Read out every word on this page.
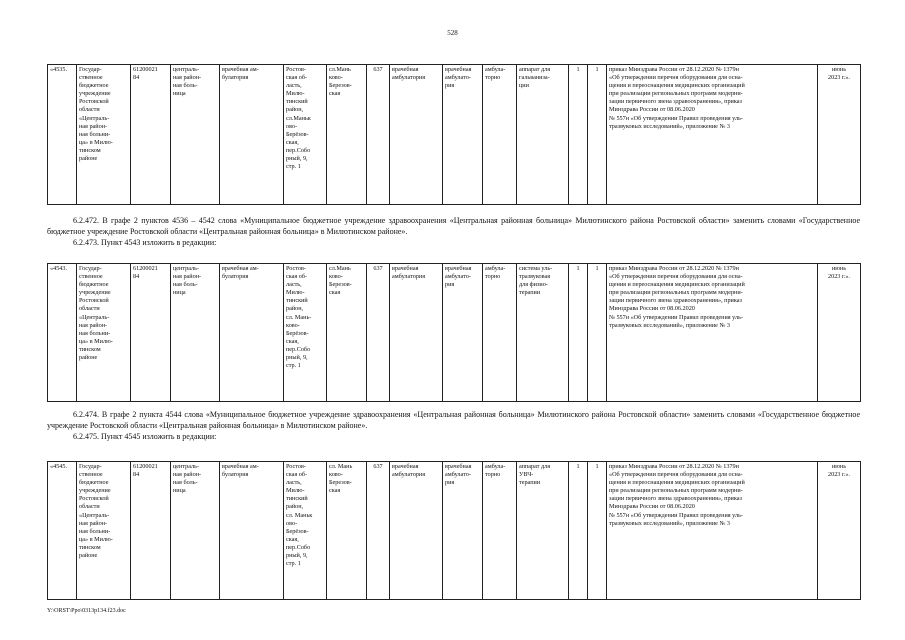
528
«4535.	Государ-
ственное
бюджетное
учреждение
Ростовской
области
«Централь-
ная район-
ная больни-
ца» в Милю-
тинском
районе	61200021
84	централь-
ная район-
ная боль-
ница	врачебная ам-
булатория	Ростов-
ская об-
ласть,
Милю-
тинский
район,
сл.Маньк
ово-
Берёзов-
ская,
пер.Собо
рный, 9,
стр. 1	сл.Мань
ково-
Березов-
ская	637	врачебная
амбулатория	врачебная
амбулато-
рия	амбула-
торно	аппарат для
гальваниза-
ции	1	1	приказ Минздрава России от 28.12.2020 № 1379н
«Об утверждении перечня оборудования для осна-
щения и переоснащения медицинских организаций
при реализации региональных программ модерни-
зации первичного звена здравоохранения», приказ
Минздрава России от 08.06.2020
№ 557н «Об утверждении Правил проведения уль-
тразвуковых исследований», приложение № 3	июнь
2023 г.».
6.2.472. В графе 2 пунктов 4536 – 4542 слова «Муниципальное бюджетное учреждение здравоохранения «Центральная районная больница» Милютинского района Ростовской области» заменить словами «Государственное бюджетное учреждение Ростовской области «Центральная районная больница» в Милютинском районе».
6.2.473. Пункт 4543 изложить в редакции:
«4543.	Государ-
ственное
бюджетное
учреждение
Ростовской
области
«Централь-
ная район-
ная больни-
ца» в Милю-
тинском
районе	61200021
84	централь-
ная район-
ная боль-
ница	врачебная ам-
булатория	Ростов-
ская об-
ласть,
Милю-
тинский
район,
сл. Мань-
ково-
Берёзов-
ская,
пер.Собо
рный, 9,
стр. 1	сл.Мань
ково-
Березов-
ская	637	врачебная
амбулатория	врачебная
амбулато-
рия	амбула-
торно	система уль-
тразвуковая
для физио-
терапии	1	1	приказ Минздрава России от 28.12.2020 № 1379н
«Об утверждении перечня оборудования для осна-
щения и переоснащения медицинских организаций
при реализации региональных программ модерни-
зации первичного звена здравоохранения», приказ
Минздрава России от 08.06.2020
№ 557н «Об утверждении Правил проведения уль-
тразвуковых исследований», приложение № 3	июнь
2023 г.».
6.2.474. В графе 2 пункта 4544 слова «Муниципальное бюджетное учреждение здравоохранения «Центральная районная больница» Милютинского района Ростовской области» заменить словами «Государственное бюджетное учреждение Ростовской области «Центральная районная больница» в Милютинском районе».
6.2.475. Пункт 4545 изложить в редакции:
«4545.	Государ-
ственное
бюджетное
учреждение
Ростовской
области
«Централь-
ная район-
ная больни-
ца» в Милю-
тинском
районе	61200021
84	централь-
ная район-
ная боль-
ница	врачебная ам-
булатория	Ростов-
ская об-
ласть,
Милю-
тинский
район,
сл. Маньк
ово-
Берёзов-
ская,
пер.Собо
рный, 9,
стр. 1	сл. Мань
ково-
Березов-
ская	637	врачебная
амбулатория	врачебная
амбулато-
рия	амбула-
торно	аппарат для
УВЧ-
терапии	1	1	приказ Минздрава России от 28.12.2020 № 1379н
«Об утверждении перечня оборудования для осна-
щения и переоснащения медицинских организаций
при реализации региональных программ модерни-
зации первичного звена здравоохранения», приказ
Минздрава России от 08.06.2020
№ 557н «Об утверждении Правил проведения уль-
тразвуковых исследований», приложение № 3	июнь
2023 г.».
Y:\ORST\Ppo\0313p134.f23.doc
